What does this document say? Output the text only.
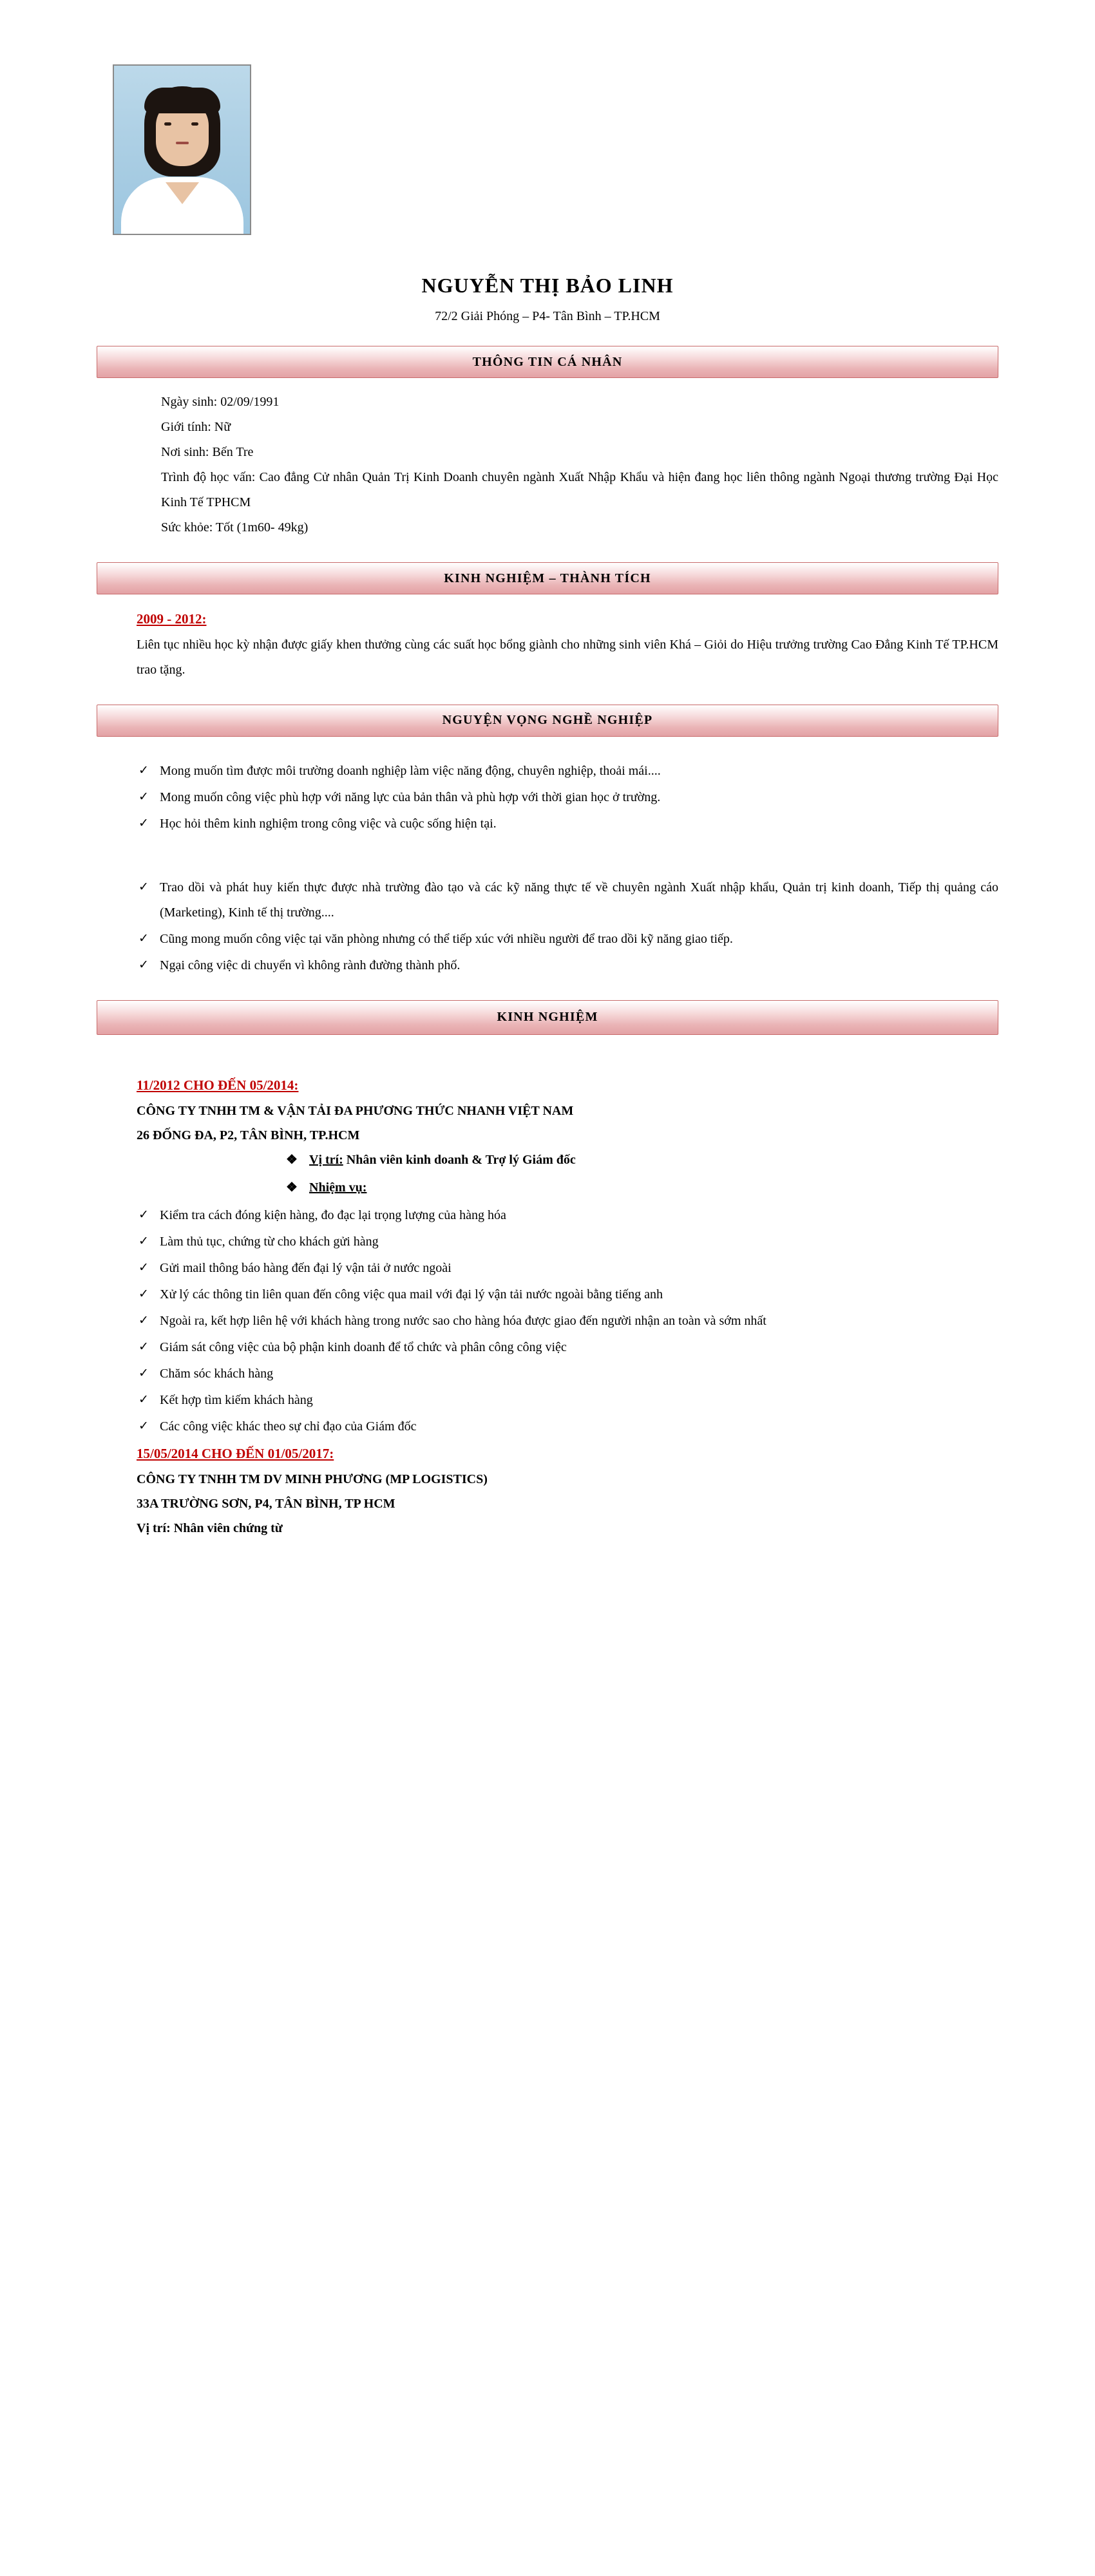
NGUYỄN THỊ BẢO LINH
72/2 Giải Phóng – P4- Tân Bình – TP.HCM
THÔNG TIN CÁ NHÂN
Ngày sinh: 02/09/1991
Giới tính: Nữ
Nơi sinh: Bến Tre
Trình độ học vấn: Cao đẳng Cử nhân Quản Trị Kinh Doanh chuyên ngành Xuất Nhập Khẩu và hiện đang học liên thông ngành Ngoại thương trường Đại Học Kinh Tế TPHCM
Sức khỏe: Tốt (1m60- 49kg)
KINH NGHIỆM – THÀNH TÍCH
2009 - 2012:
Liên tục nhiều học kỳ nhận được giấy khen thưởng cùng các suất học bổng giành cho những sinh viên Khá – Giỏi do Hiệu trưởng trường Cao Đẳng Kinh Tế TP.HCM trao tặng.
NGUYỆN VỌNG NGHỀ NGHIỆP
✓ Mong muốn tìm được môi trường doanh nghiệp làm việc năng động, chuyên nghiệp, thoải mái....
✓ Mong muốn công việc phù hợp với năng lực của bản thân và phù hợp với thời gian học ở trường.
✓ Học hỏi thêm kinh nghiệm trong công việc và cuộc sống hiện tại.
✓ Trao dồi và phát huy kiến thực được nhà trường đào tạo và các kỹ năng thực tế về chuyên ngành Xuất nhập khẩu, Quản trị kinh doanh, Tiếp thị quảng cáo (Marketing), Kinh tế thị trường....
✓ Cũng mong muốn công việc tại văn phòng nhưng có thể tiếp xúc với nhiều người để trao dồi kỹ năng giao tiếp.
✓ Ngại công việc di chuyển vì không rành đường thành phố.
KINH NGHIỆM
11/2012 CHO ĐẾN 05/2014:
CÔNG TY TNHH TM & VẬN TẢI ĐA PHƯƠNG THỨC NHANH VIỆT NAM
26 ĐỐNG ĐA, P2, TÂN BÌNH, TP.HCM
❖ Vị trí: Nhân viên kinh doanh & Trợ lý Giám đốc
❖ Nhiệm vụ:
✓ Kiểm tra cách đóng kiện hàng, đo đạc lại trọng lượng của hàng hóa
✓ Làm thủ tục, chứng từ cho khách gửi hàng
✓ Gửi mail thông báo hàng đến đại lý vận tải ở nước ngoài
✓ Xử lý các thông tin liên quan đến công việc qua mail với đại lý vận tải nước ngoài bằng tiếng anh
✓ Ngoài ra, kết hợp liên hệ với khách hàng trong nước sao cho hàng hóa được giao đến người nhận an toàn và sớm nhất
✓ Giám sát công việc của bộ phận kinh doanh để tổ chức và phân công công việc
✓ Chăm sóc khách hàng
✓ Kết hợp tìm kiếm khách hàng
✓ Các công việc khác theo sự chỉ đạo của Giám đốc
15/05/2014 CHO ĐẾN 01/05/2017:
CÔNG TY TNHH TM DV MINH PHƯƠNG (MP LOGISTICS)
33A TRƯỜNG SƠN, P4, TÂN BÌNH, TP HCM
Vị trí: Nhân viên chứng từ
